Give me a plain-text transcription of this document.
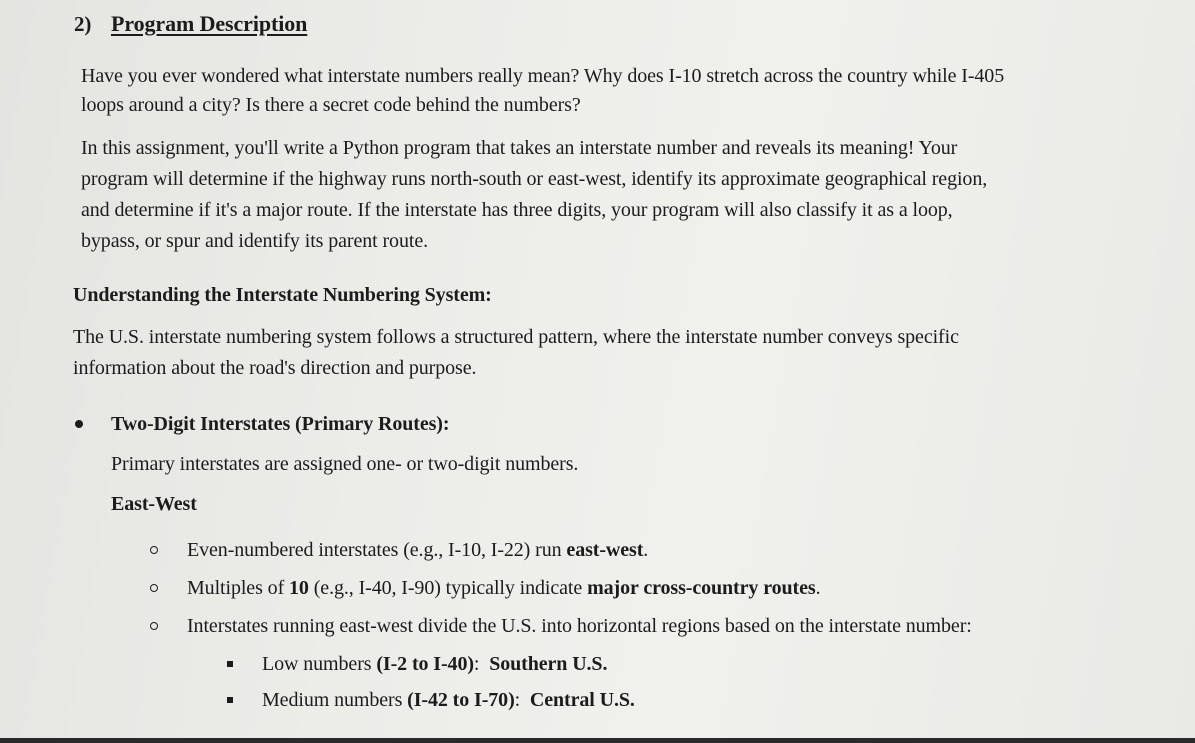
2) Program Description
Have you ever wondered what interstate numbers really mean? Why does I-10 stretch across the country while I-405
loops around a city? Is there a secret code behind the numbers?
In this assignment, you'll write a Python program that takes an interstate number and reveals its meaning! Your
program will determine if the highway runs north-south or east-west, identify its approximate geographical region,
and determine if it's a major route. If the interstate has three digits, your program will also classify it as a loop,
bypass, or spur and identify its parent route.
Understanding the Interstate Numbering System:
The U.S. interstate numbering system follows a structured pattern, where the interstate number conveys specific
information about the road's direction and purpose.
Two-Digit Interstates (Primary Routes):
Primary interstates are assigned one- or two-digit numbers.
East-West
Even-numbered interstates (e.g., I-10, I-22) run east-west.
Multiples of 10 (e.g., I-40, I-90) typically indicate major cross-country routes.
Interstates running east-west divide the U.S. into horizontal regions based on the interstate number:
Low numbers (I-2 to I-40):  Southern U.S.
Medium numbers (I-42 to I-70):  Central U.S.
